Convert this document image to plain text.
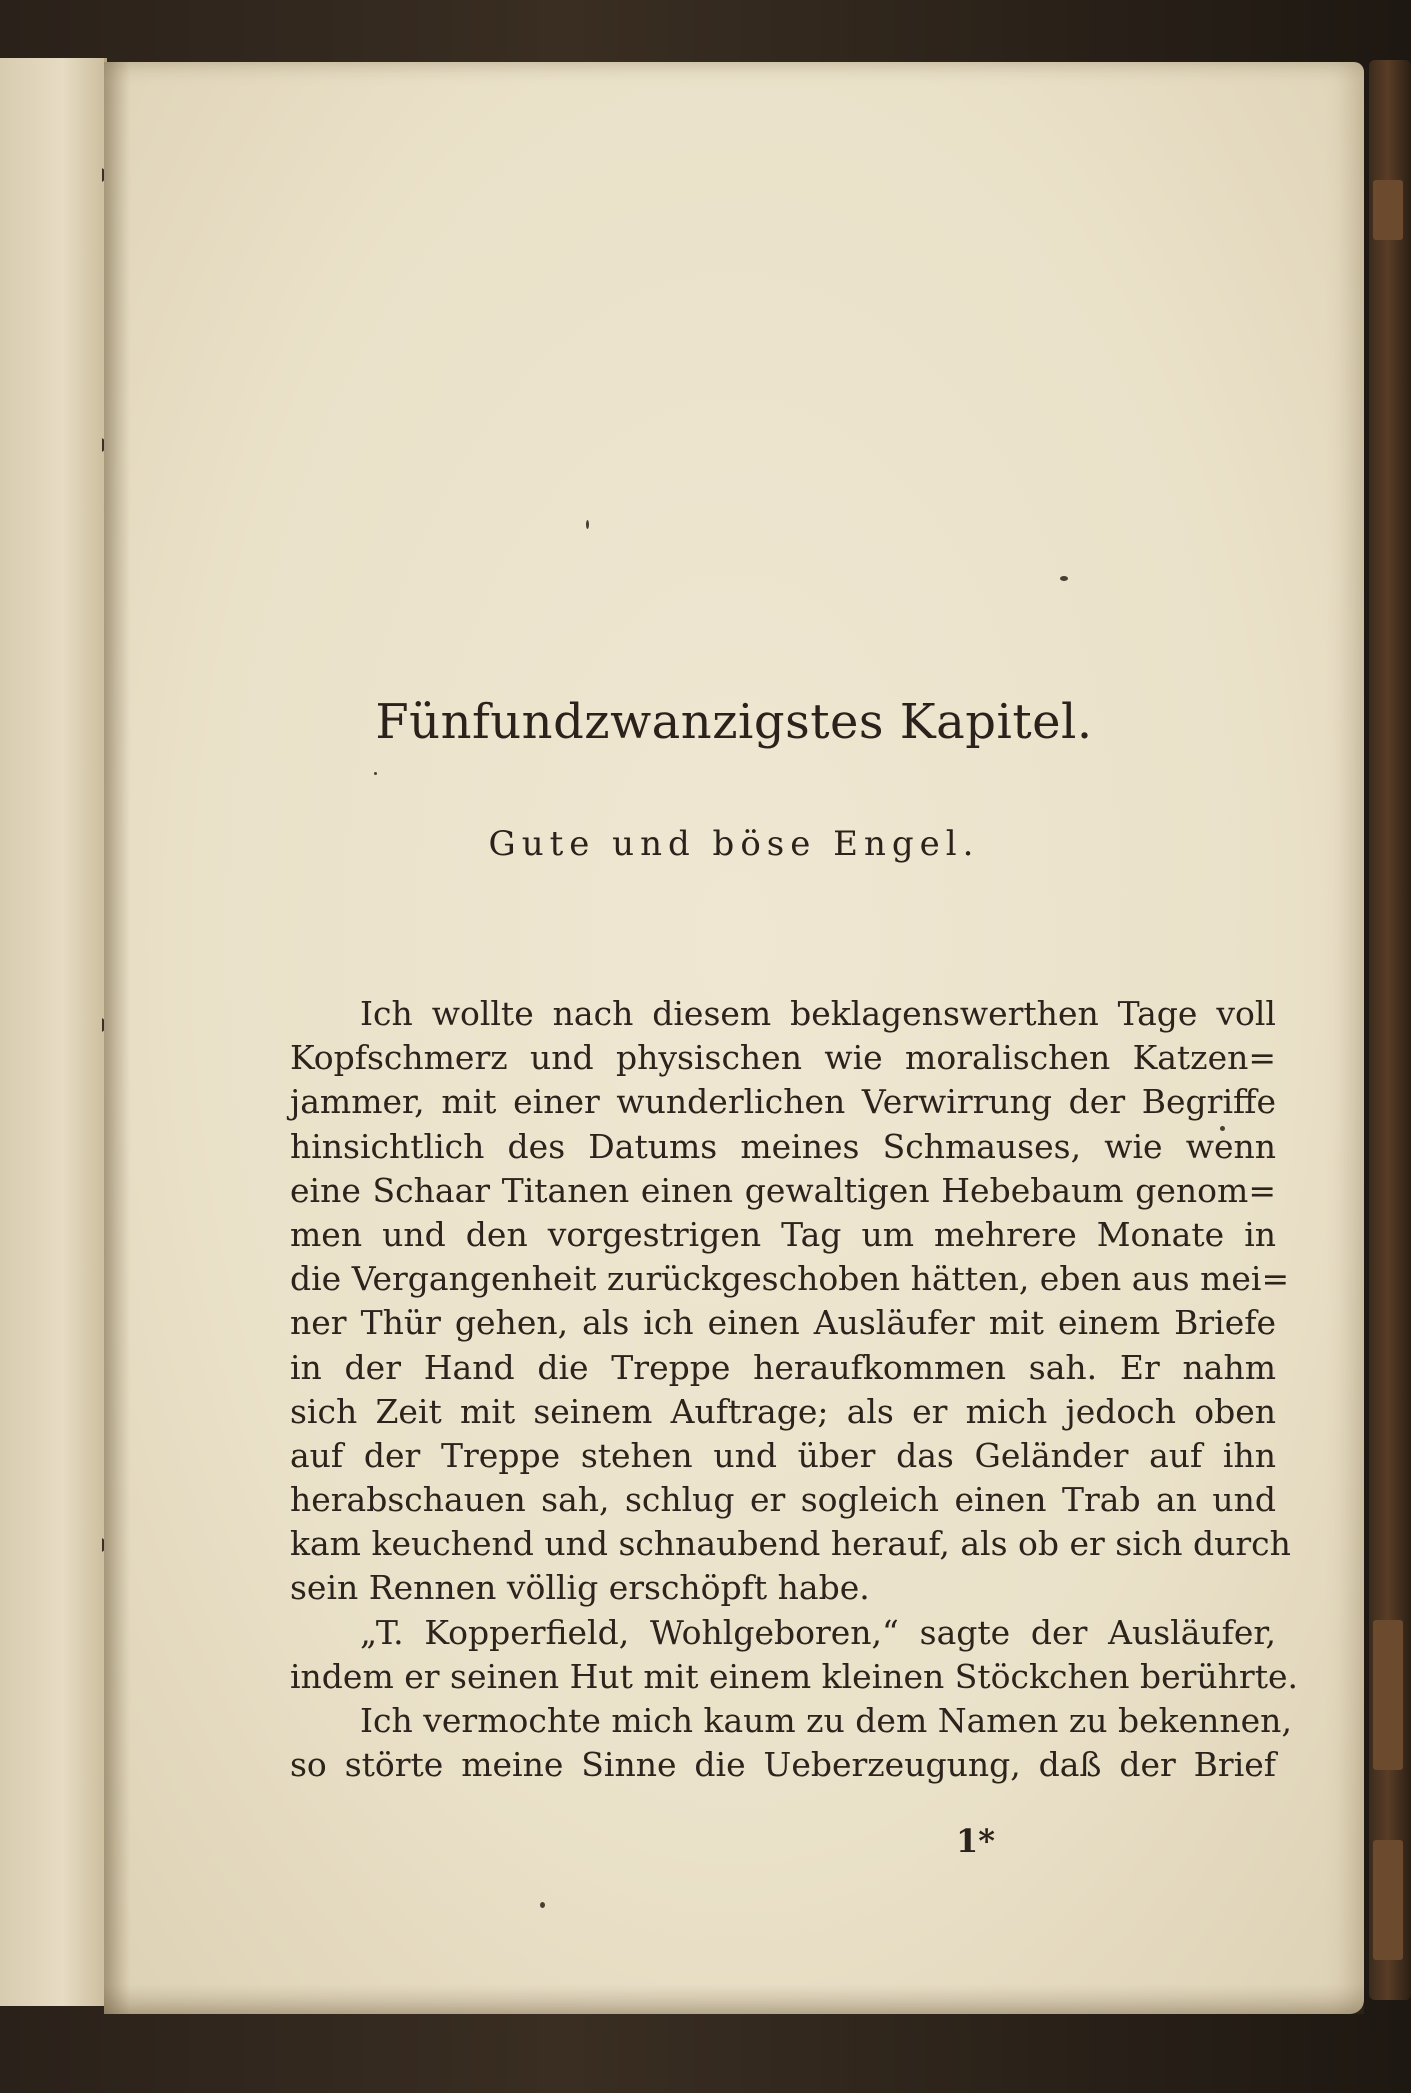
Fünfundzwanzigstes Kapitel.
Gute und böse Engel.
Ich wollte nach diesem beklagenswerthen Tage voll
Kopfschmerz und physischen wie moralischen Katzen=
jammer, mit einer wunderlichen Verwirrung der Begriffe
hinsichtlich des Datums meines Schmauses, wie wenn
eine Schaar Titanen einen gewaltigen Hebebaum genom=
men und den vorgestrigen Tag um mehrere Monate in
die Vergangenheit zurückgeschoben hätten, eben aus mei=
ner Thür gehen, als ich einen Ausläufer mit einem Briefe
in der Hand die Treppe heraufkommen sah. Er nahm
sich Zeit mit seinem Auftrage; als er mich jedoch oben
auf der Treppe stehen und über das Geländer auf ihn
herabschauen sah, schlug er sogleich einen Trab an und
kam keuchend und schnaubend herauf, als ob er sich durch
sein Rennen völlig erschöpft habe.
„T. Kopperfield, Wohlgeboren,“ sagte der Ausläufer,
indem er seinen Hut mit einem kleinen Stöckchen berührte.
Ich vermochte mich kaum zu dem Namen zu bekennen,
so störte meine Sinne die Ueberzeugung, daß der Brief
1*
